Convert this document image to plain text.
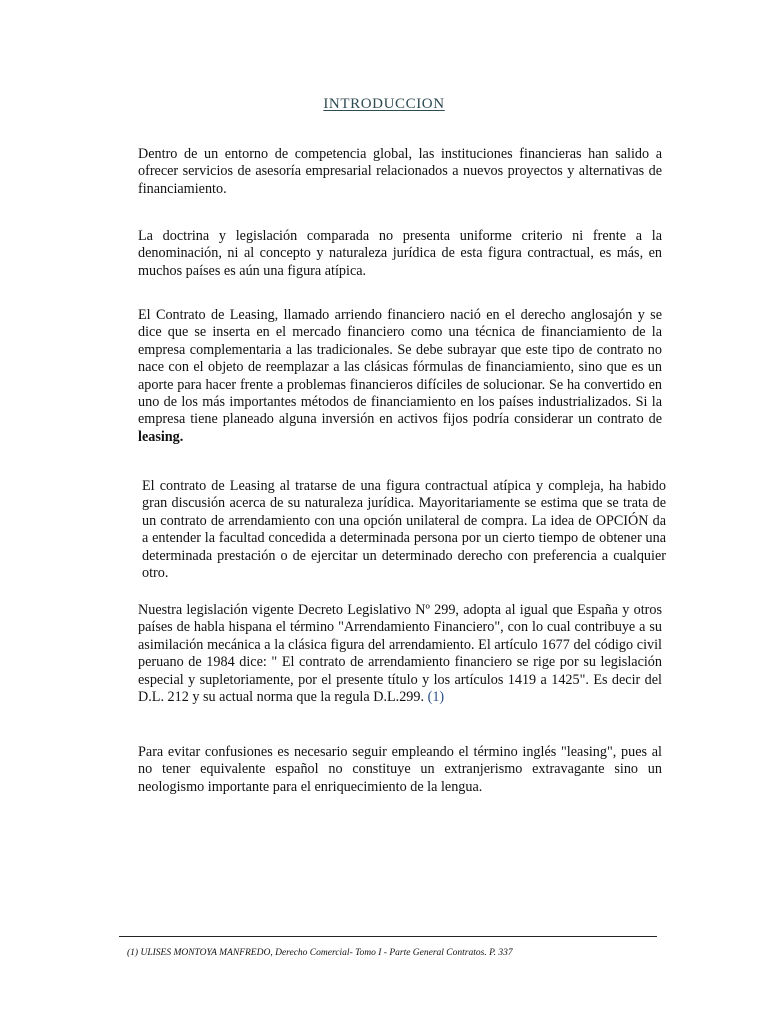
INTRODUCCION

Dentro de un entorno de competencia global, las instituciones financieras han salido a ofrecer servicios de asesoría empresarial relacionados a nuevos proyectos y alternativas de financiamiento.

La doctrina y legislación comparada no presenta uniforme criterio ni frente a la denominación, ni al concepto y naturaleza jurídica de esta figura contractual, es más, en muchos países es aún una figura atípica.

El Contrato de Leasing, llamado arriendo financiero nació en el derecho anglosajón y se dice que se inserta en el mercado financiero como una técnica de financiamiento de la empresa complementaria a las tradicionales. Se debe subrayar que este tipo de contrato no nace con el objeto de reemplazar a las clásicas fórmulas de financiamiento, sino que es un aporte para hacer frente a problemas financieros difíciles de solucionar. Se ha convertido en uno de los más importantes métodos de financiamiento en los países industrializados. Si la empresa tiene planeado alguna inversión en activos fijos podría considerar un contrato de leasing.

El contrato de Leasing al tratarse de una figura contractual atípica y compleja, ha habido gran discusión acerca de su naturaleza jurídica. Mayoritariamente se estima que se trata de un contrato de arrendamiento con una opción unilateral de compra. La idea de OPCIÓN da a entender la facultad concedida a determinada persona por un cierto tiempo de obtener una determinada prestación o de ejercitar un determinado derecho con preferencia a cualquier otro.

Nuestra legislación vigente Decreto Legislativo Nº 299, adopta al igual que España y otros países de habla hispana el término "Arrendamiento Financiero", con lo cual contribuye a su asimilación mecánica a la clásica figura del arrendamiento. El artículo 1677 del código civil peruano de 1984 dice: " El contrato de arrendamiento financiero se rige por su legislación especial y supletoriamente, por el presente título y los artículos 1419 a 1425". Es decir del D.L. 212 y su actual norma que la regula D.L.299. (1)

Para evitar confusiones es necesario seguir empleando el término inglés "leasing", pues al no tener equivalente español no constituye un extranjerismo extravagante sino un neologismo importante para el enriquecimiento de la lengua.

(1) ULISES MONTOYA MANFREDO, Derecho Comercial- Tomo I - Parte General Contratos. P. 337
